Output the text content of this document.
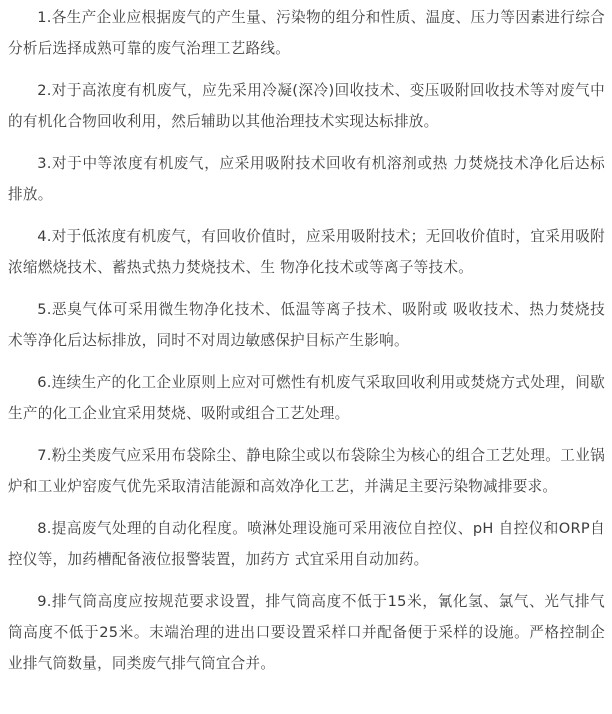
1.各生产企业应根据废气的产生量、污染物的组分和性质、温度、压力等因素进行综合分析后选择成熟可靠的废气治理工艺路线。

2.对于高浓度有机废气，应先采用冷凝(深冷)回收技术、变压吸附回收技术等对废气中的有机化合物回收利用，然后辅助以其他治理技术实现达标排放。

3.对于中等浓度有机废气，应采用吸附技术回收有机溶剂或热 力焚烧技术净化后达标排放。

4.对于低浓度有机废气，有回收价值时，应采用吸附技术；无回收价值时，宜采用吸附浓缩燃烧技术、蓄热式热力焚烧技术、生 物净化技术或等离子等技术。

5.恶臭气体可采用微生物净化技术、低温等离子技术、吸附或 吸收技术、热力焚烧技术等净化后达标排放，同时不对周边敏感保护目标产生影响。

6.连续生产的化工企业原则上应对可燃性有机废气采取回收利用或焚烧方式处理，间歇生产的化工企业宜采用焚烧、吸附或组合工艺处理。

7.粉尘类废气应采用布袋除尘、静电除尘或以布袋除尘为核心的组合工艺处理。工业锅炉和工业炉窑废气优先采取清洁能源和高效净化工艺，并满足主要污染物减排要求。

8.提高废气处理的自动化程度。喷淋处理设施可采用液位自控仪、pH 自控仪和ORP自控仪等，加药槽配备液位报警装置，加药方 式宜采用自动加药。

9.排气筒高度应按规范要求设置，排气筒高度不低于15米，氰化氢、氯气、光气排气筒高度不低于25米。末端治理的进出口要设置采样口并配备便于采样的设施。严格控制企业排气筒数量，同类废气排气筒宜合并。
